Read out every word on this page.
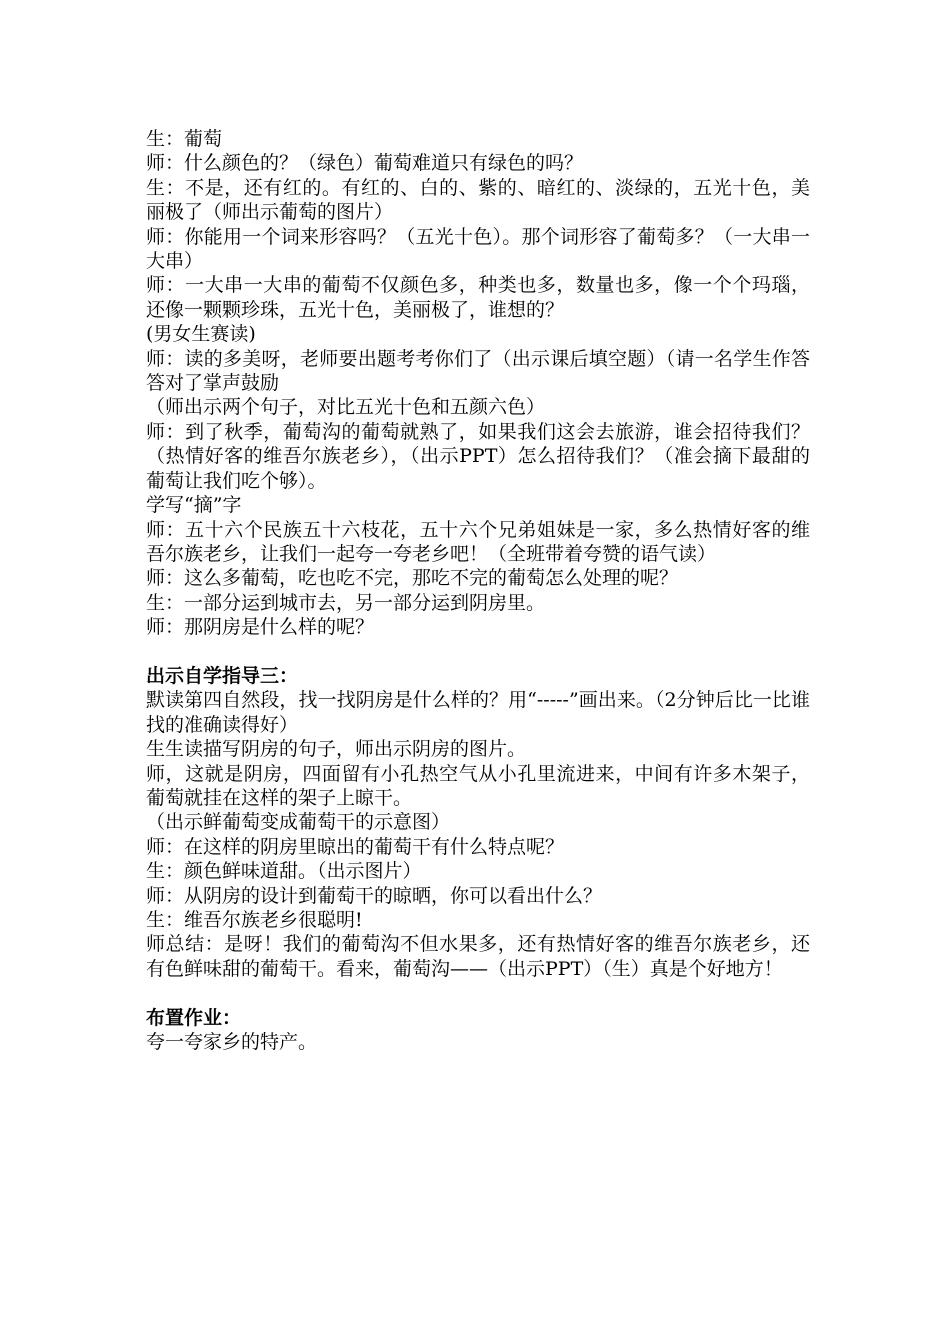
生：葡萄

师：什么颜色的？（绿色）葡萄难道只有绿色的吗？

生：不是，还有红的。有红的、白的、紫的、暗红的、淡绿的，五光十色，美丽极了（师出示葡萄的图片）

师：你能用一个词来形容吗？（五光十色）。那个词形容了葡萄多？（一大串一大串）

师：一大串一大串的葡萄不仅颜色多，种类也多，数量也多，像一个个玛瑙，还像一颗颗珍珠，五光十色，美丽极了，谁想的？

(男女生赛读)

师：读的多美呀，老师要出题考考你们了（出示课后填空题）（请一名学生作答答对了掌声鼓励

（师出示两个句子，对比五光十色和五颜六色）

师：到了秋季，葡萄沟的葡萄就熟了，如果我们这会去旅游，谁会招待我们？（热情好客的维吾尔族老乡），（出示PPT）怎么招待我们？（准会摘下最甜的葡萄让我们吃个够）。

学写“摘”字

师：五十六个民族五十六枝花，五十六个兄弟姐妹是一家，多么热情好客的维吾尔族老乡，让我们一起夸一夸老乡吧！（全班带着夸赞的语气读）

师：这么多葡萄，吃也吃不完，那吃不完的葡萄怎么处理的呢？

生：一部分运到城市去，另一部分运到阴房里。

师：那阴房是什么样的呢？

出示自学指导三：

默读第四自然段，找一找阴房是什么样的？用“-----”画出来。（2分钟后比一比谁找的准确读得好）

生生读描写阴房的句子，师出示阴房的图片。

师，这就是阴房，四面留有小孔热空气从小孔里流进来，中间有许多木架子，葡萄就挂在这样的架子上晾干。

（出示鲜葡萄变成葡萄干的示意图）

师：在这样的阴房里晾出的葡萄干有什么特点呢？

生：颜色鲜味道甜。（出示图片）

师：从阴房的设计到葡萄干的晾晒，你可以看出什么？

生：维吾尔族老乡很聪明!

师总结：是呀！我们的葡萄沟不但水果多，还有热情好客的维吾尔族老乡，还有色鲜味甜的葡萄干。看来，葡萄沟——（出示PPT）（生）真是个好地方！

布置作业：

夸一夸家乡的特产。
